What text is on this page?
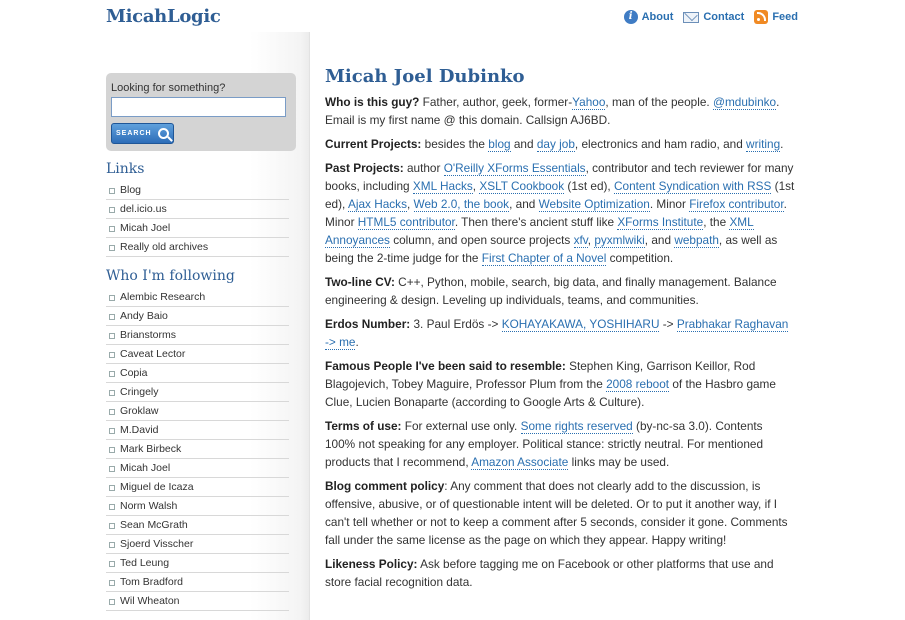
MicahLogic	i About	Contact	Feed
Looking for something?
SEARCH
Links
Blog
del.icio.us
Micah Joel
Really old archives
Who I'm following
Alembic Research
Andy Baio
Brianstorms
Caveat Lector
Copia
Cringely
Groklaw
M.David
Mark Birbeck
Micah Joel
Miguel de Icaza
Norm Walsh
Sean McGrath
Sjoerd Visscher
Ted Leung
Tom Bradford
Wil Wheaton
Micah Joel Dubinko
Who is this guy? Father, author, geek, former-Yahoo, man of the people. @mdubinko. Email is my first name @ this domain. Callsign AJ6BD.
Current Projects: besides the blog and day job, electronics and ham radio, and writing.
Past Projects: author O'Reilly XForms Essentials, contributor and tech reviewer for many books, including XML Hacks, XSLT Cookbook (1st ed), Content Syndication with RSS (1st ed), Ajax Hacks, Web 2.0, the book, and Website Optimization. Minor Firefox contributor. Minor HTML5 contributor. Then there's ancient stuff like XForms Institute, the XML Annoyances column, and open source projects xfv, pyxmlwiki, and webpath, as well as being the 2-time judge for the First Chapter of a Novel competition.
Two-line CV: C++, Python, mobile, search, big data, and finally management. Balance engineering & design. Leveling up individuals, teams, and communities.
Erdos Number: 3. Paul Erdös -> KOHAYAKAWA, YOSHIHARU -> Prabhakar Raghavan -> me.
Famous People I've been said to resemble: Stephen King, Garrison Keillor, Rod Blagojevich, Tobey Maguire, Professor Plum from the 2008 reboot of the Hasbro game Clue, Lucien Bonaparte (according to Google Arts & Culture).
Terms of use: For external use only. Some rights reserved (by-nc-sa 3.0). Contents 100% not speaking for any employer. Political stance: strictly neutral. For mentioned products that I recommend, Amazon Associate links may be used.
Blog comment policy: Any comment that does not clearly add to the discussion, is offensive, abusive, or of questionable intent will be deleted. Or to put it another way, if I can't tell whether or not to keep a comment after 5 seconds, consider it gone. Comments fall under the same license as the page on which they appear. Happy writing!
Likeness Policy: Ask before tagging me on Facebook or other platforms that use and store facial recognition data.
